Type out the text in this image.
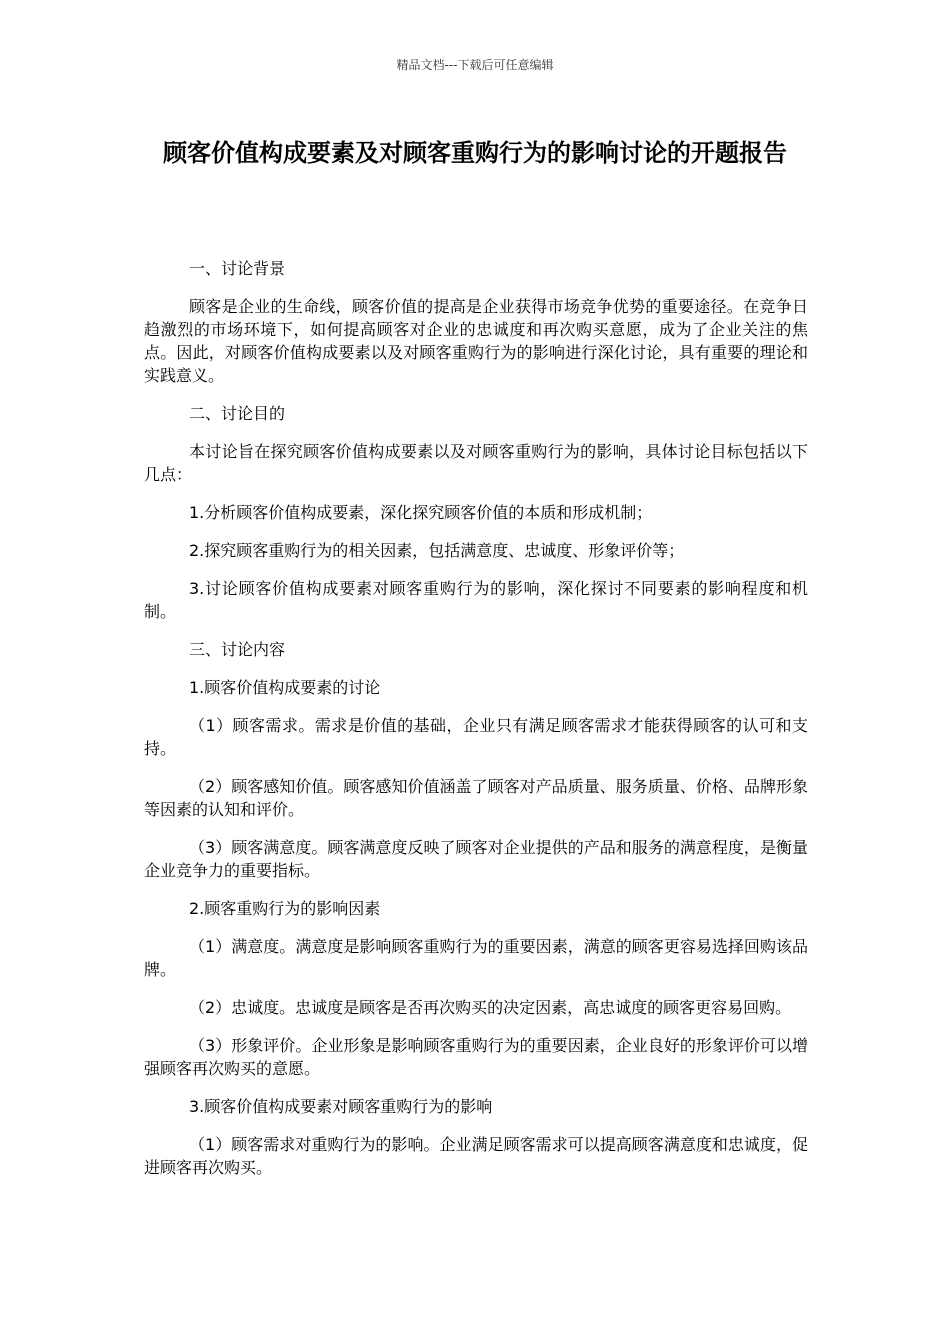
精品文档---下载后可任意编辑
顾客价值构成要素及对顾客重购行为的影响讨论的开题报告

一、讨论背景

顾客是企业的生命线，顾客价值的提高是企业获得市场竞争优势的重要途径。在竞争日趋激烈的市场环境下，如何提高顾客对企业的忠诚度和再次购买意愿，成为了企业关注的焦点。因此，对顾客价值构成要素以及对顾客重购行为的影响进行深化讨论，具有重要的理论和实践意义。

二、讨论目的

本讨论旨在探究顾客价值构成要素以及对顾客重购行为的影响，具体讨论目标包括以下几点：

1.分析顾客价值构成要素，深化探究顾客价值的本质和形成机制；

2.探究顾客重购行为的相关因素，包括满意度、忠诚度、形象评价等；

3.讨论顾客价值构成要素对顾客重购行为的影响，深化探讨不同要素的影响程度和机制。

三、讨论内容

1.顾客价值构成要素的讨论

（1）顾客需求。需求是价值的基础，企业只有满足顾客需求才能获得顾客的认可和支持。

（2）顾客感知价值。顾客感知价值涵盖了顾客对产品质量、服务质量、价格、品牌形象等因素的认知和评价。

（3）顾客满意度。顾客满意度反映了顾客对企业提供的产品和服务的满意程度，是衡量企业竞争力的重要指标。

2.顾客重购行为的影响因素

（1）满意度。满意度是影响顾客重购行为的重要因素，满意的顾客更容易选择回购该品牌。

（2）忠诚度。忠诚度是顾客是否再次购买的决定因素，高忠诚度的顾客更容易回购。

（3）形象评价。企业形象是影响顾客重购行为的重要因素，企业良好的形象评价可以增强顾客再次购买的意愿。

3.顾客价值构成要素对顾客重购行为的影响

（1）顾客需求对重购行为的影响。企业满足顾客需求可以提高顾客满意度和忠诚度，促进顾客再次购买。
